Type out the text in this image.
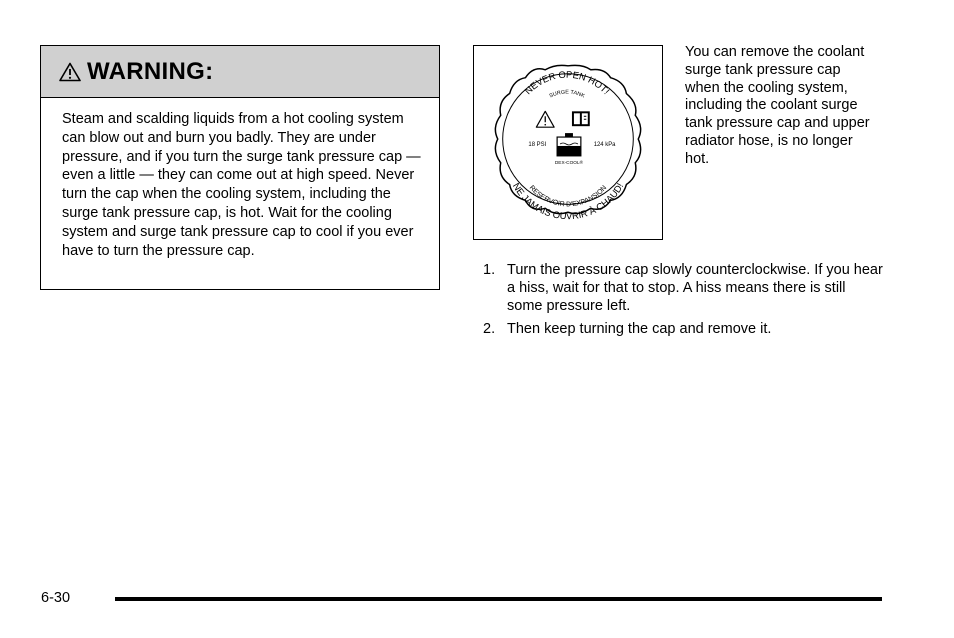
WARNING:
Steam and scalding liquids from a hot cooling system can blow out and burn you badly. They are under pressure, and if you turn the surge tank pressure cap — even a little — they can come out at high speed. Never turn the cap when the cooling system, including the surge tank pressure cap, is hot. Wait for the cooling system and surge tank pressure cap to cool if you ever have to turn the pressure cap.
NEVER OPEN HOT!
SURGE TANK
18 PSI	124 kPa
DEX-COOL®
RESERVOIR D'EXPANSION
NE JAMAIS OUVRIR À CHAUD!
You can remove the coolant surge tank pressure cap when the cooling system, including the coolant surge tank pressure cap and upper radiator hose, is no longer hot.
1. Turn the pressure cap slowly counterclockwise. If you hear a hiss, wait for that to stop. A hiss means there is still some pressure left.
2. Then keep turning the cap and remove it.
6-30
